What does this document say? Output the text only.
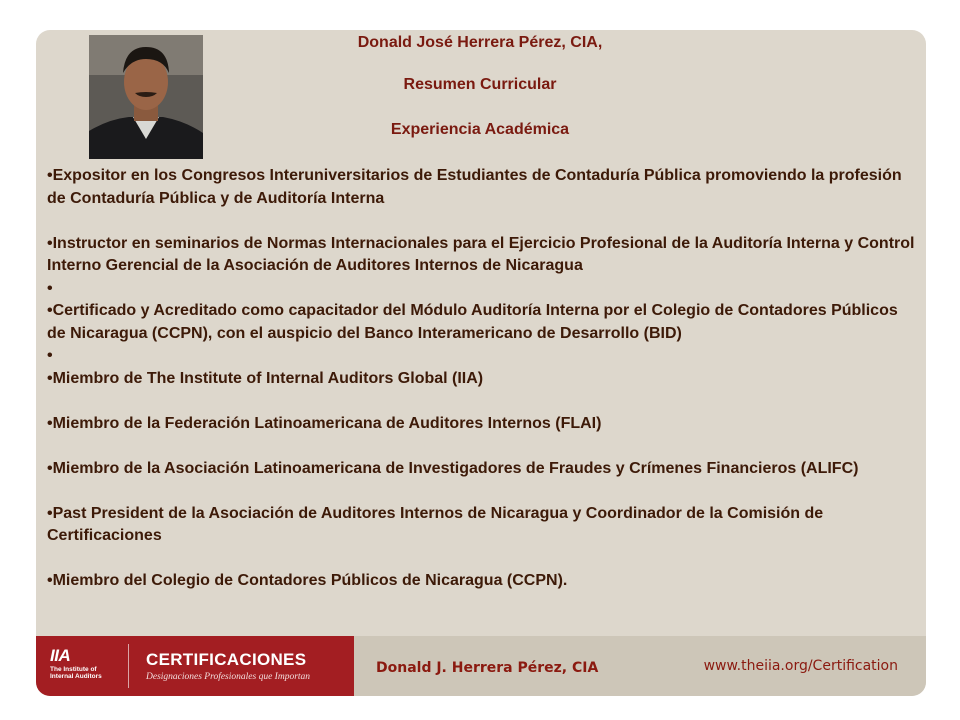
Donald José Herrera Pérez, CIA,
Resumen Curricular
Experiencia Académica

•Expositor en los Congresos Interuniversitarios de Estudiantes de Contaduría Pública promoviendo la profesión de Contaduría Pública y de Auditoría Interna

•Instructor en seminarios de Normas Internacionales para el Ejercicio Profesional de la Auditoría Interna y Control Interno Gerencial de la Asociación de Auditores Internos de Nicaragua

•

•Certificado y Acreditado como capacitador del Módulo Auditoría Interna por el Colegio de Contadores Públicos de Nicaragua (CCPN), con el auspicio del Banco Interamericano de Desarrollo (BID)

•

•Miembro de The Institute of Internal Auditors Global (IIA)

•Miembro de la Federación Latinoamericana de Auditores Internos (FLAI)

•Miembro de la Asociación Latinoamericana de Investigadores de Fraudes y Crímenes Financieros (ALIFC)

•Past President de la Asociación de Auditores Internos de Nicaragua y Coordinador de la Comisión de Certificaciones

•Miembro del Colegio de Contadores Públicos de Nicaragua (CCPN).

IIA
The Institute of
Internal Auditors
CERTIFICACIONES
Designaciones Profesionales que Importan
Donald J. Herrera Pérez, CIA	www.theiia.org/Certification
